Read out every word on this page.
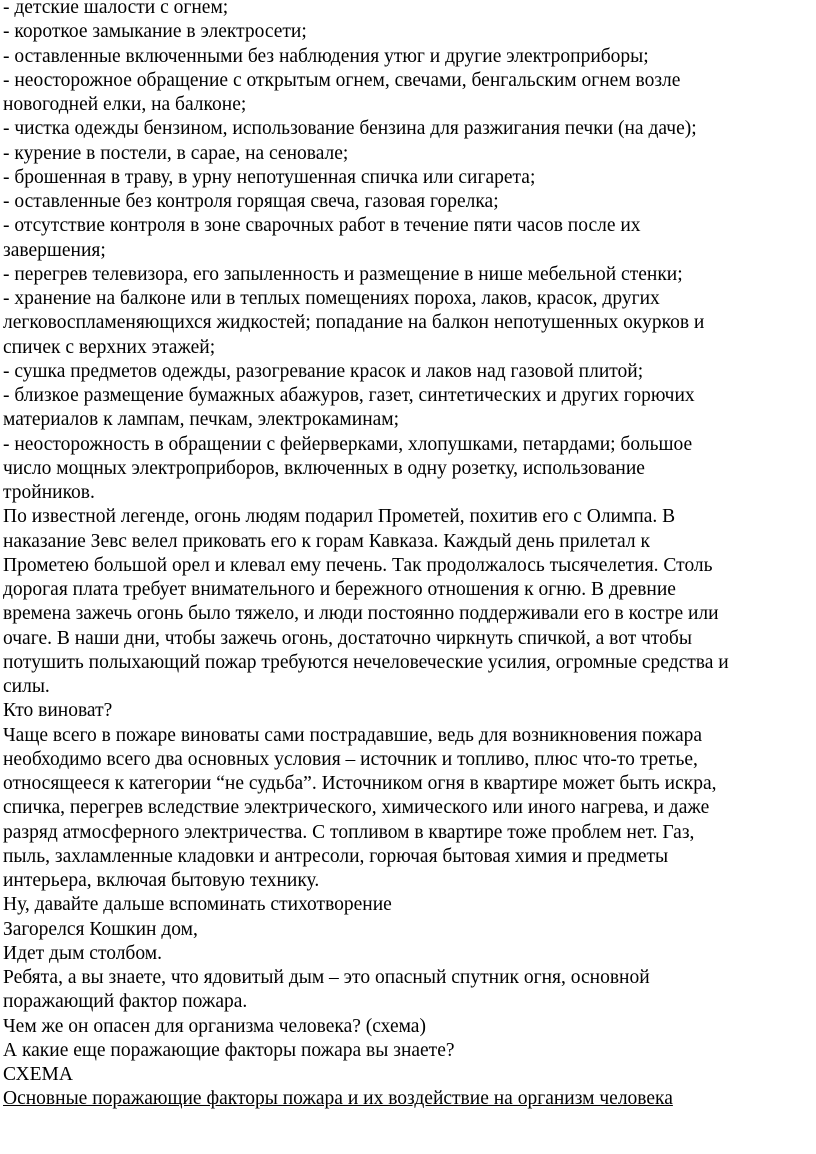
- детские шалости с огнем;

- короткое замыкание в электросети;

- оставленные включенными без наблюдения утюг и другие электроприборы;

- неосторожное обращение с открытым огнем, свечами, бенгальским огнем возле
новогодней елки, на балконе;

- чистка одежды бензином, использование бензина для разжигания печки (на даче);

- курение в постели, в сарае, на сеновале;

- брошенная в траву, в урну непотушенная спичка или сигарета;

- оставленные без контроля горящая свеча, газовая горелка;

- отсутствие контроля в зоне сварочных работ в течение пяти часов после их
завершения;

- перегрев телевизора, его запыленность и размещение в нише мебельной стенки;

- хранение на балконе или в теплых помещениях пороха, лаков, красок, других
легковоспламеняющихся жидкостей; попадание на балкон непотушенных окурков и
спичек с верхних этажей;

- сушка предметов одежды, разогревание красок и лаков над газовой плитой;

- близкое размещение бумажных абажуров, газет, синтетических и других горючих
материалов к лампам, печкам, электрокаминам;

- неосторожность в обращении с фейерверками, хлопушками, петардами; большое
число мощных электроприборов, включенных в одну розетку, использование
тройников.

По известной легенде, огонь людям подарил Прометей, похитив его с Олимпа. В
наказание Зевс велел приковать его к горам Кавказа. Каждый день прилетал к
Прометею большой орел и клевал ему печень. Так продолжалось тысячелетия. Столь
дорогая плата требует внимательного и бережного отношения к огню. В древние
времена зажечь огонь было тяжело, и люди постоянно поддерживали его в костре или
очаге. В наши дни, чтобы зажечь огонь, достаточно чиркнуть спичкой, а вот чтобы
потушить полыхающий пожар требуются нечеловеческие усилия, огромные средства и
силы.

Кто виноват?

Чаще всего в пожаре виноваты сами пострадавшие, ведь для возникновения пожара
необходимо всего два основных условия – источник и топливо, плюс что-то третье,
относящееся к категории “не судьба”. Источником огня в квартире может быть искра,
спичка, перегрев вследствие электрического, химического или иного нагрева, и даже
разряд атмосферного электричества. С топливом в квартире тоже проблем нет. Газ,
пыль, захламленные кладовки и антресоли, горючая бытовая химия и предметы
интерьера, включая бытовую технику.

Ну, давайте дальше вспоминать стихотворение

Загорелся Кошкин дом,

Идет дым столбом.

Ребята, а вы знаете, что ядовитый дым – это опасный спутник огня, основной
поражающий фактор пожара.

Чем же он опасен для организма человека? (схема)

А какие еще поражающие факторы пожара вы знаете?

СХЕМА

Основные поражающие факторы пожара и их воздействие на организм человека
